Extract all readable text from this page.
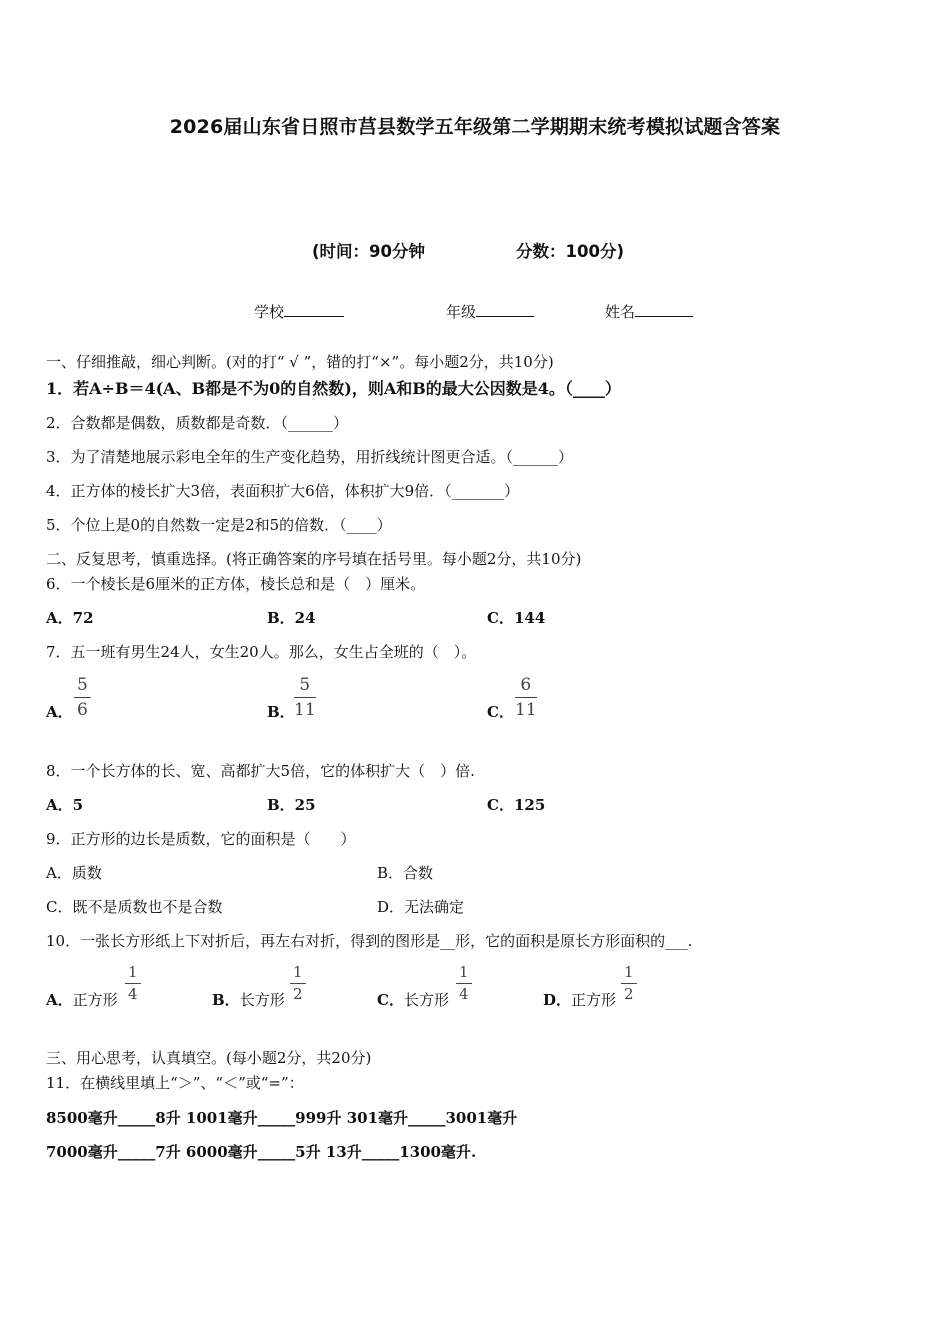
2026届山东省日照市莒县数学五年级第二学期期末统考模拟试题含答案
(时间：90分钟	分数：100分)
学校	年级	姓名
一、仔细推敲，细心判断。(对的打“ √ ”，错的打“×”。每小题2分，共10分)
1．若A÷B＝4(A、B都是不为0的自然数)，则A和B的最大公因数是4。（____）
2．合数都是偶数，质数都是奇数．（______）
3．为了清楚地展示彩电全年的生产变化趋势，用折线统计图更合适。（______）
4．正方体的棱长扩大3倍，表面积扩大6倍，体积扩大9倍．（_______）
5．个位上是0的自然数一定是2和5的倍数．（____）
二、反复思考，慎重选择。(将正确答案的序号填在括号里。每小题2分，共10分)
6．一个棱长是6厘米的正方体，棱长总和是（　）厘米。
A．72	B．24	C．144
7．五一班有男生24人，女生20人。那么，女生占全班的（　）。
A． $\frac{5}{6}$	B． $\frac{5}{11}$	C． $\frac{6}{11}$
8．一个长方体的长、宽、高都扩大5倍，它的体积扩大（　）倍.
A．5	B．25	C．125
9．正方形的边长是质数，它的面积是（　　）
A．质数	B．合数
C．既不是质数也不是合数	D．无法确定
10．一张长方形纸上下对折后，再左右对折，得到的图形是__形，它的面积是原长方形面积的___.
A．正方形 $\frac{1}{4}$	B．长方形 $\frac{1}{2}$	C．长方形 $\frac{1}{4}$	D．正方形 $\frac{1}{2}$
三、用心思考，认真填空。(每小题2分，共20分)
11．在横线里填上“＞”、“＜”或“=”：
8500毫升_____8升 1001毫升_____999升 301毫升_____3001毫升
7000毫升_____7升 6000毫升_____5升 13升_____1300毫升.
